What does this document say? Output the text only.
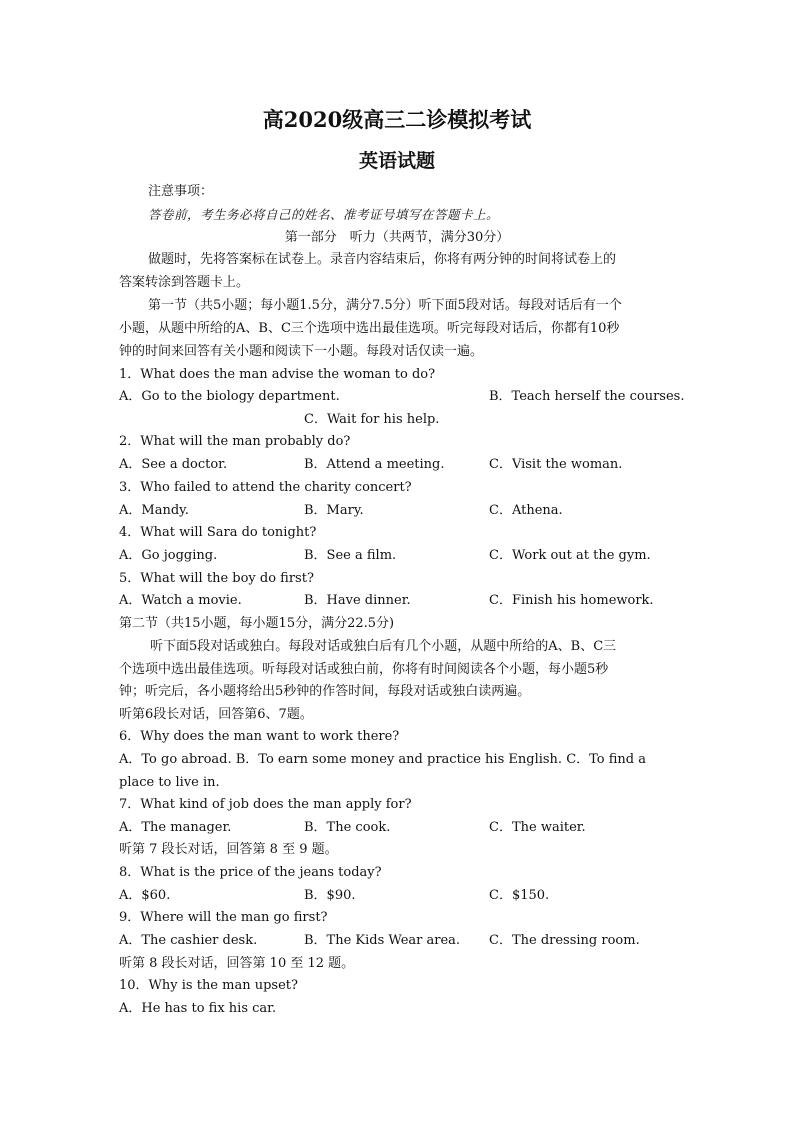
高2020级高三二诊模拟考试
英语试题
注意事项：
答卷前，考生务必将自己的姓名、准考证号填写在答题卡上。
第一部分　听力（共两节，满分30分）
做题时，先将答案标在试卷上。录音内容结束后，你将有两分钟的时间将试卷上的
答案转涂到答题卡上。
第一节（共5小题；每小题1.5分，满分7.5分）听下面5段对话。每段对话后有一个
小题，从题中所给的A、B、C三个选项中选出最佳选项。听完每段对话后，你都有10秒
钟的时间来回答有关小题和阅读下一小题。每段对话仅读一遍。
1．What does the man advise the woman to do?
A．Go to the biology department.	B．Teach herself the courses.
C．Wait for his help.
2．What will the man probably do?
A．See a doctor.	B．Attend a meeting.	C．Visit the woman.
3．Who failed to attend the charity concert?
A．Mandy.	B．Mary.	C．Athena.
4．What will Sara do tonight?
A．Go jogging.	B．See a film.	C．Work out at the gym.
5．What will the boy do first?
A．Watch a movie.	B．Have dinner.	C．Finish his homework.
第二节（共15小题，每小题15分，满分22.5分)
听下面5段对话或独白。每段对话或独白后有几个小题，从题中所给的A、B、C三
个选项中选出最佳选项。听每段对话或独白前，你将有时间阅读各个小题，每小题5秒
钟；听完后，各小题将给出5秒钟的作答时间，每段对话或独白读两遍。
听第6段长对话，回答第6、7题。
6．Why does the man want to work there?
A．To go abroad. B．To earn some money and practice his English. C．To find a
place to live in.
7．What kind of job does the man apply for?
A．The manager.	B．The cook.	C．The waiter.
听第 7 段长对话，回答第 8 至 9 题。
8．What is the price of the jeans today?
A．$60.	B．$90.	C．$150.
9．Where will the man go first?
A．The cashier desk.	B．The Kids Wear area. C．The dressing room.
听第 8 段长对话，回答第 10 至 12 题。
10．Why is the man upset?
A．He has to fix his car.
